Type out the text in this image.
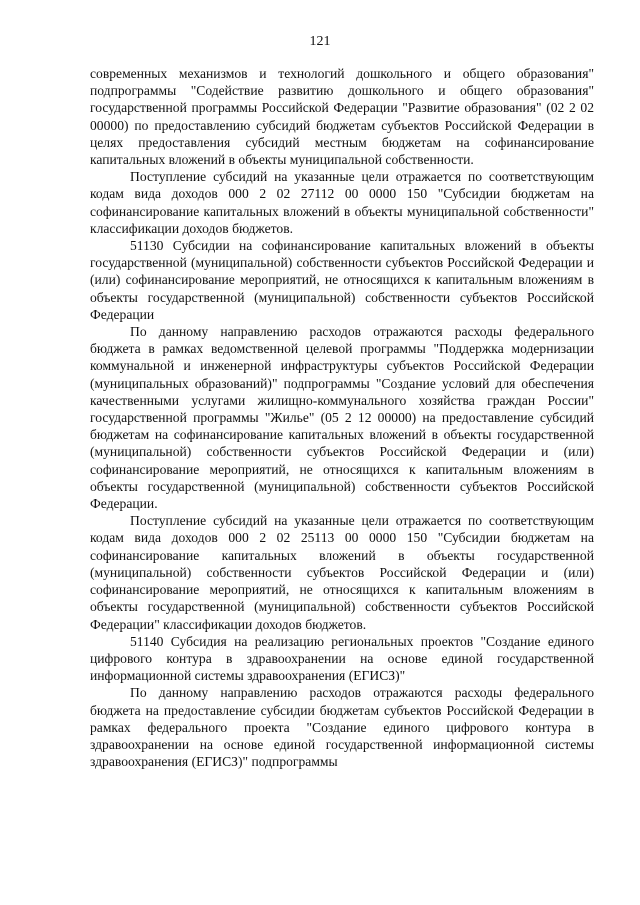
121

современных механизмов и технологий дошкольного и общего образования" подпрограммы "Содействие развитию дошкольного и общего образования" государственной программы Российской Федерации "Развитие образования" (02 2 02 00000) по предоставлению субсидий бюджетам субъектов Российской Федерации в целях предоставления субсидий местным бюджетам на софинансирование капитальных вложений в объекты муниципальной собственности.

Поступление субсидий на указанные цели отражается по соответствующим кодам вида доходов 000 2 02 27112 00 0000 150 "Субсидии бюджетам на софинансирование капитальных вложений в объекты муниципальной собственности" классификации доходов бюджетов.

51130 Субсидии на софинансирование капитальных вложений в объекты государственной (муниципальной) собственности субъектов Российской Федерации и (или) софинансирование мероприятий, не относящихся к капитальным вложениям в объекты государственной (муниципальной) собственности субъектов Российской Федерации

По данному направлению расходов отражаются расходы федерального бюджета в рамках ведомственной целевой программы "Поддержка модернизации коммунальной и инженерной инфраструктуры субъектов Российской Федерации (муниципальных образований)" подпрограммы "Создание условий для обеспечения качественными услугами жилищно-коммунального хозяйства граждан России" государственной программы "Жилье" (05 2 12 00000) на предоставление субсидий бюджетам на софинансирование капитальных вложений в объекты государственной (муниципальной) собственности субъектов Российской Федерации и (или) софинансирование мероприятий, не относящихся к капитальным вложениям в объекты государственной (муниципальной) собственности субъектов Российской Федерации.

Поступление субсидий на указанные цели отражается по соответствующим кодам вида доходов 000 2 02 25113 00 0000 150 "Субсидии бюджетам на софинансирование капитальных вложений в объекты государственной (муниципальной) собственности субъектов Российской Федерации и (или) софинансирование мероприятий, не относящихся к капитальным вложениям в объекты государственной (муниципальной) собственности субъектов Российской Федерации" классификации доходов бюджетов.

51140 Субсидия на реализацию региональных проектов "Создание единого цифрового контура в здравоохранении на основе единой государственной информационной системы здравоохранения (ЕГИСЗ)"

По данному направлению расходов отражаются расходы федерального бюджета на предоставление субсидии бюджетам субъектов Российской Федерации в рамках федерального проекта "Создание единого цифрового контура в здравоохранении на основе единой государственной информационной системы здравоохранения (ЕГИСЗ)" подпрограммы
